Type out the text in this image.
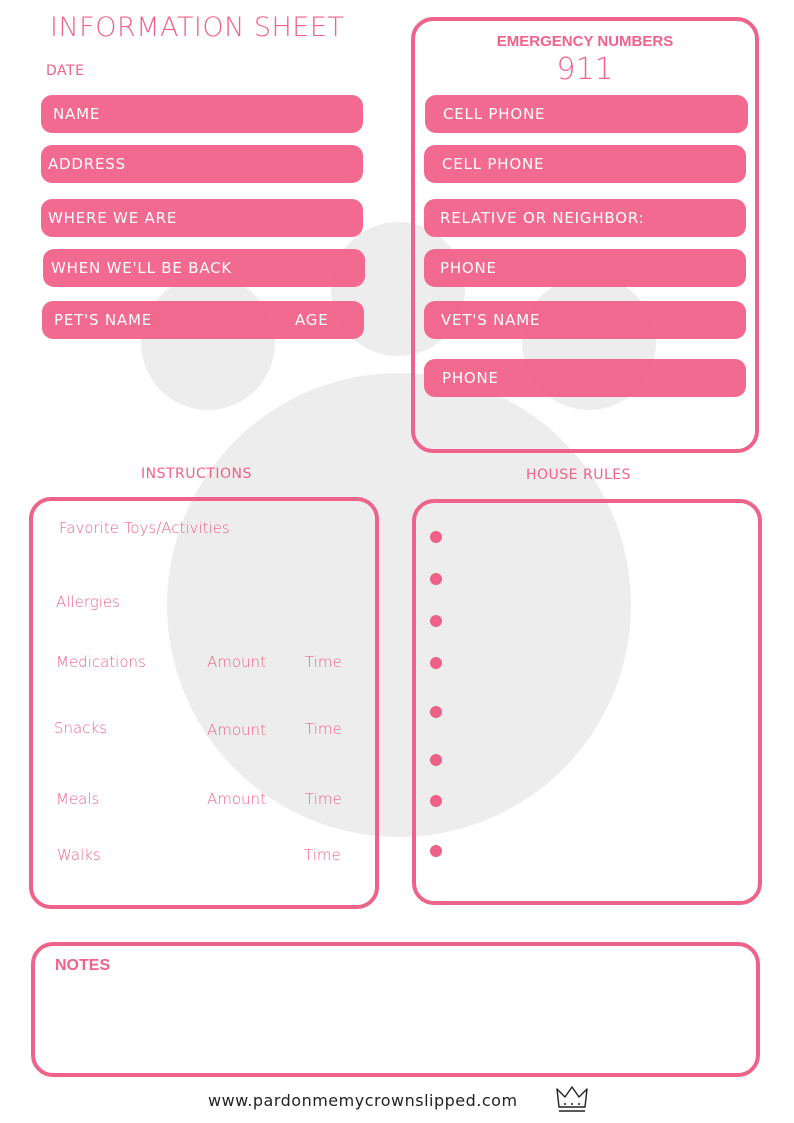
INFORMATION SHEET
DATE
NAME
ADDRESS
WHERE WE ARE
WHEN WE'LL BE BACK
PET'S NAME	AGE
EMERGENCY NUMBERS
911
CELL PHONE
CELL PHONE
RELATIVE OR NEIGHBOR:
PHONE
VET'S NAME
PHONE
INSTRUCTIONS	HOUSE RULES
Favorite Toys/Activities
Allergies
Medications	Amount	Time
Snacks	Amount	Time
Meals	Amount	Time
Walks	Time
NOTES
www.pardonmemycrownslipped.com
